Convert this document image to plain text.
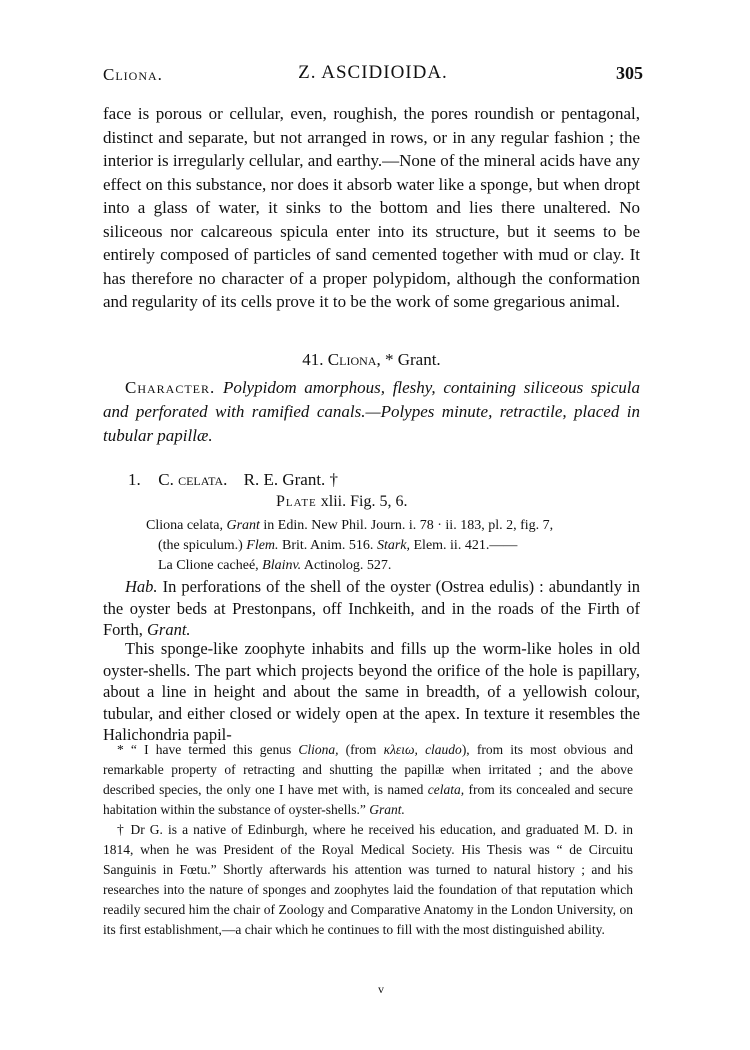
Cliona.	Z. ASCIDIOIDA.	305

face is porous or cellular, even, roughish, the pores roundish or pentagonal, distinct and separate, but not arranged in rows, or in any regular fashion ; the interior is irregularly cellular, and earthy.—None of the mineral acids have any effect on this substance, nor does it absorb water like a sponge, but when dropt into a glass of water, it sinks to the bottom and lies there unaltered. No siliceous nor calcareous spicula enter into its structure, but it seems to be entirely composed of particles of sand cemented together with mud or clay. It has therefore no character of a proper polypidom, although the conformation and regularity of its cells prove it to be the work of some gregarious animal.

41. Cliona, * Grant.
Character. Polypidom amorphous, fleshy, containing siliceous spicula and perforated with ramified canals.—Polypes minute, retractile, placed in tubular papillæ.
1. C. celata. R. E. Grant. †
Plate xlii. Fig. 5, 6.
Cliona celata, Grant in Edin. New Phil. Journ. i. 78 · ii. 183, pl. 2, fig. 7,
(the spiculum.) Flem. Brit. Anim. 516. Stark, Elem. ii. 421.——
La Clione cacheé, Blainv. Actinolog. 527.
Hab. In perforations of the shell of the oyster (Ostrea edulis) : abundantly in the oyster beds at Prestonpans, off Inchkeith, and in the roads of the Firth of Forth, Grant.
This sponge-like zoophyte inhabits and fills up the worm-like holes in old oyster-shells. The part which projects beyond the orifice of the hole is papillary, about a line in height and about the same in breadth, of a yellowish colour, tubular, and either closed or widely open at the apex. In texture it resembles the Halichondria papil-

* “ I have termed this genus Cliona, (from κλειω, claudo), from its most obvious and remarkable property of retracting and shutting the papillæ when irritated ; and the above described species, the only one I have met with, is named celata, from its concealed and secure habitation within the substance of oyster-shells.” Grant.

† Dr G. is a native of Edinburgh, where he received his education, and graduated M. D. in 1814, when he was President of the Royal Medical Society. His Thesis was “ de Circuitu Sanguinis in Fœtu.” Shortly afterwards his attention was turned to natural history ; and his researches into the nature of sponges and zoophytes laid the foundation of that reputation which readily secured him the chair of Zoology and Comparative Anatomy in the London University, on its first establishment,—a chair which he continues to fill with the most distinguished ability.

v
